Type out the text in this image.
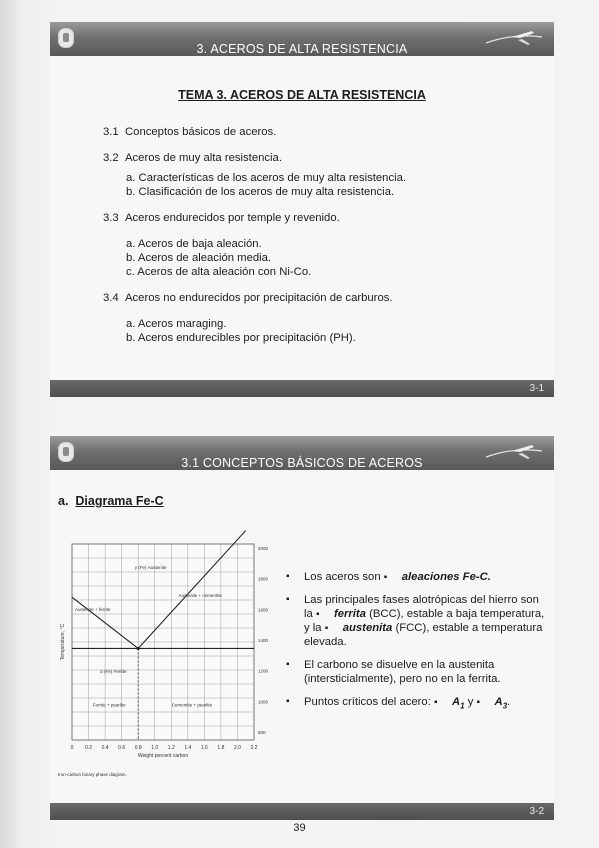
3. ACEROS DE ALTA RESISTENCIA
TEMA 3. ACEROS DE ALTA RESISTENCIA
3.1 Conceptos básicos de aceros.
3.2 Aceros de muy alta resistencia.
a. Características de los aceros de muy alta resistencia.
b. Clasificación de los aceros de muy alta resistencia.
3.3 Aceros endurecidos por temple y revenido.
a. Aceros de baja aleación.
b. Aceros de aleación media.
c. Aceros de alta aleación con Ni-Co.
3.4 Aceros no endurecidos por precipitación de carburos.
a. Aceros maraging.
b. Aceros endurecibles por precipitación (PH).
3-1
3.1 CONCEPTOS BÁSICOS DE ACEROS
a. Diagrama Fe-C
0 0.2 0.4 0.6 0.8 1.0 1.2 1.4 1.6 1.8 2.0 2.2
2000
1800
1600
1400
1200
1000
800
Weight percent carbon
Temperature, °C
γ (Fe) Austenite
Austenite + cementite
Austenite + ferrite
α (Fe) Ferrite
Ferrite + pearlite	Cementite + pearlite
Iron-carbon binary phase diagram.
▪ Los aceros son ▪ aleaciones Fe-C.
▪ Las principales fases alotrópicas del hierro son la ▪ ferrita (BCC), estable a baja temperatura, y la ▪ austenita (FCC), estable a temperatura elevada.
▪ El carbono se disuelve en la austenita (intersticialmente), pero no en la ferrita.
▪ Puntos críticos del acero: ▪ $A_1$ y ▪ $A_3$.
3-2
39
